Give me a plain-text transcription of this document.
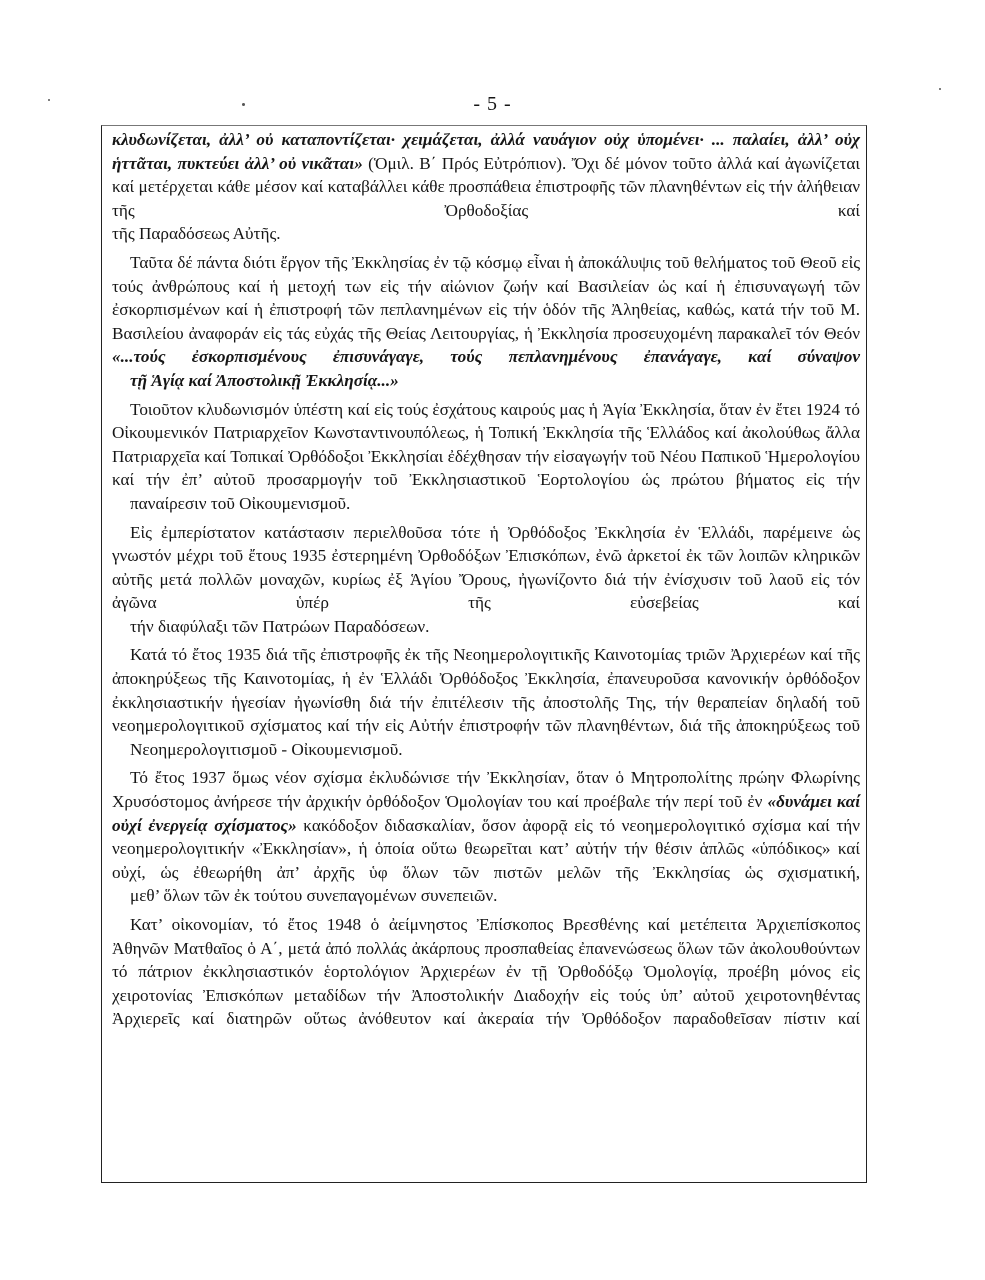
- 5 -

κλυδωνίζεται, ἀλλ’ οὐ καταποντίζεται· χειμάζεται, ἀλλά ναυάγιον οὐχ ὑπομένει· ... παλαίει, ἀλλ’ οὐχ ἡττᾶται, πυκτεύει ἀλλ’ οὐ νικᾶται» (Ὁμιλ. Β΄ Πρός Εὐτρόπιον). Ὄχι δέ μόνον τοῦτο ἀλλά καί ἀγωνίζεται καί μετέρχεται κάθε μέσον καί καταβάλλει κάθε προσπάθεια ἐπιστροφῆς τῶν πλανηθέντων εἰς τήν ἀλήθειαν τῆς Ὀρθοδοξίας καί
τῆς Παραδόσεως Αὐτῆς.

Ταῦτα δέ πάντα διότι ἔργον τῆς Ἐκκλησίας ἐν τῷ κόσμῳ εἶναι ἡ ἀποκάλυψις τοῦ θελήματος τοῦ Θεοῦ εἰς τούς ἀνθρώπους καί ἡ μετοχή των εἰς τήν αἰώνιον ζωήν καί Βασιλείαν ὡς καί ἡ ἐπισυναγωγή τῶν ἐσκορπισμένων καί ἡ ἐπιστροφή τῶν πεπλανημένων εἰς τήν ὁδόν τῆς Ἀληθείας, καθώς, κατά τήν τοῦ Μ. Βασιλείου ἀναφοράν εἰς τάς εὐχάς τῆς Θείας Λειτουργίας, ἡ Ἐκκλησία προσευχομένη παρακαλεῖ τόν Θεόν «...τούς ἐσκορπισμένους ἐπισυνάγαγε, τούς πεπλανημένους ἐπανάγαγε, καί σύναψον
τῇ Ἁγίᾳ καί Ἀποστολικῇ Ἐκκλησίᾳ...»

Τοιοῦτον κλυδωνισμόν ὑπέστη καί εἰς τούς ἐσχάτους καιρούς μας ἡ Ἁγία Ἐκκλησία, ὅταν ἐν ἔτει 1924 τό Οἰκουμενικόν Πατριαρχεῖον Κωνσταντινουπόλεως, ἡ Τοπική Ἐκκλησία τῆς Ἑλλάδος καί ἀκολούθως ἄλλα Πατριαρχεῖα καί Τοπικαί Ὀρθόδοξοι Ἐκκλησίαι ἐδέχθησαν τήν εἰσαγωγήν τοῦ Νέου Παπικοῦ Ἡμερολογίου καί τήν ἐπ’ αὐτοῦ προσαρμογήν τοῦ Ἐκκλησιαστικοῦ Ἑορτολογίου ὡς πρώτου βήματος εἰς τήν
παναίρεσιν τοῦ Οἰκουμενισμοῦ.

Εἰς ἐμπερίστατον κατάστασιν περιελθοῦσα τότε ἡ Ὀρθόδοξος Ἐκκλησία ἐν Ἑλλάδι, παρέμεινε ὡς γνωστόν μέχρι τοῦ ἔτους 1935 ἐστερημένη Ὀρθοδόξων Ἐπισκόπων, ἐνῶ ἀρκετοί ἐκ τῶν λοιπῶν κληρικῶν αὐτῆς μετά πολλῶν μοναχῶν, κυρίως ἐξ Ἁγίου Ὄρους, ἠγωνίζοντο διά τήν ἐνίσχυσιν τοῦ λαοῦ εἰς τόν ἀγῶνα ὑπέρ τῆς εὐσεβείας καί
τήν διαφύλαξι τῶν Πατρώων Παραδόσεων.

Κατά τό ἔτος 1935 διά τῆς ἐπιστροφῆς ἐκ τῆς Νεοημερολογιτικῆς Καινοτομίας τριῶν Ἀρχιερέων καί τῆς ἀποκηρύξεως τῆς Καινοτομίας, ἡ ἐν Ἑλλάδι Ὀρθόδοξος Ἐκκλησία, ἐπανευροῦσα κανονικήν ὀρθόδοξον ἐκκλησιαστικήν ἡγεσίαν ἠγωνίσθη διά τήν ἐπιτέλεσιν τῆς ἀποστολῆς Της, τήν θεραπείαν δηλαδή τοῦ νεοημερολογιτικοῦ σχίσματος καί τήν εἰς Αὐτήν ἐπιστροφήν τῶν πλανηθέντων, διά τῆς ἀποκηρύξεως τοῦ
Νεοημερολογιτισμοῦ - Οἰκουμενισμοῦ.

Τό ἔτος 1937 ὅμως νέον σχίσμα ἐκλυδώνισε τήν Ἐκκλησίαν, ὅταν ὁ Μητροπολίτης πρώην Φλωρίνης Χρυσόστομος ἀνήρεσε τήν ἀρχικήν ὀρθόδοξον Ὁμολογίαν του καί προέβαλε τήν περί τοῦ ἐν «δυνάμει καί οὐχί ἐνεργείᾳ σχίσματος» κακόδοξον διδασκαλίαν, ὅσον ἀφορᾷ εἰς τό νεοημερολογιτικό σχίσμα καί τήν νεοημερολογιτικήν «Ἐκκλησίαν», ἡ ὁποία οὕτω θεωρεῖται κατ’ αὐτήν τήν θέσιν ἁπλῶς «ὑπόδικος» καί οὐχί, ὡς ἐθεωρήθη ἀπ’ ἀρχῆς ὑφ ὅλων τῶν πιστῶν μελῶν τῆς Ἐκκλησίας ὡς σχισματική,
μεθ’ ὅλων τῶν ἐκ τούτου συνεπαγομένων συνεπειῶν.

Κατ’ οἰκονομίαν, τό ἔτος 1948 ὁ ἀείμνηστος Ἐπίσκοπος Βρεσθένης καί μετέπειτα Ἀρχιεπίσκοπος Ἀθηνῶν Ματθαῖος ὁ Α΄, μετά ἀπό πολλάς ἀκάρπους προσπαθείας ἐπανενώσεως ὅλων τῶν ἀκολουθούντων τό πάτριον ἐκκλησιαστικόν ἑορτολόγιον Ἀρχιερέων ἐν τῇ Ὀρθοδόξῳ Ὁμολογίᾳ, προέβη μόνος εἰς χειροτονίας Ἐπισκόπων μεταδίδων τήν Ἀποστολικήν Διαδοχήν εἰς τούς ὑπ’ αὐτοῦ χειροτονηθέντας Ἀρχιερεῖς καί διατηρῶν οὕτως ἀνόθευτον καί ἀκεραία τήν Ὀρθόδοξον παραδοθεῖσαν πίστιν καί
